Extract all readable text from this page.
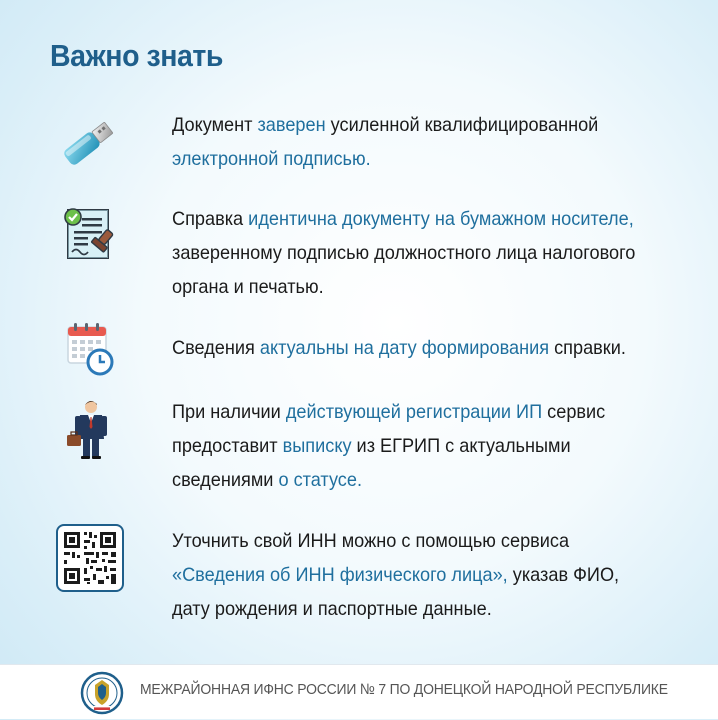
Важно знать
Документ заверен усиленной квалифицированной электронной подписью.
Справка идентична документу на бумажном носителе, заверенному подписью должностного лица налогового органа и печатью.
Сведения актуальны на дату формирования справки.
При наличии действующей регистрации ИП сервис предоставит выписку из ЕГРИП с актуальными сведениями о статусе.
Уточнить свой ИНН можно с помощью сервиса «Сведения об ИНН физического лица», указав ФИО, дату рождения и паспортные данные.
МЕЖРАЙОННАЯ ИФНС РОССИИ № 7 ПО ДОНЕЦКОЙ НАРОДНОЙ РЕСПУБЛИКЕ
